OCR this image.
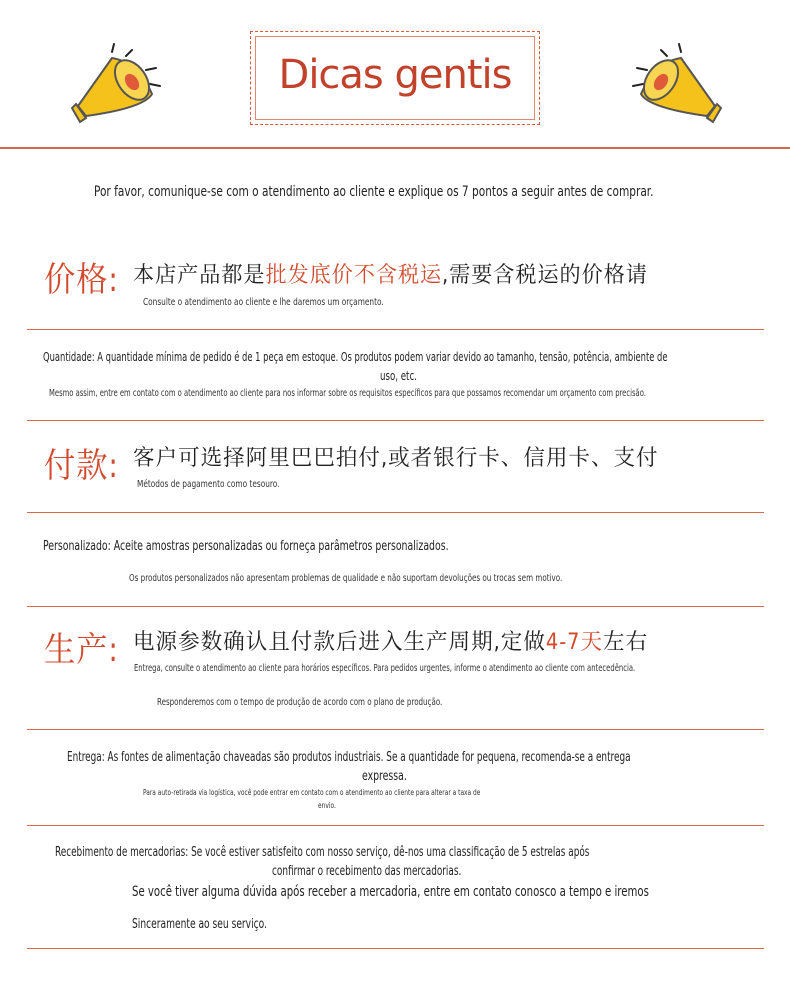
Dicas gentis
Por favor, comunique-se com o atendimento ao cliente e explique os 7 pontos a seguir antes de comprar.
价格: 本店产品都是批发底价不含税运,需要含税运的价格请
Consulte o atendimento ao cliente e lhe daremos um orçamento.
Quantidade: A quantidade mínima de pedido é de 1 peça em estoque. Os produtos podem variar devido ao tamanho, tensão, potência, ambiente de
uso, etc.
Mesmo assim, entre em contato com o atendimento ao cliente para nos informar sobre os requisitos específicos para que possamos recomendar um orçamento com precisão.
付款: 客户可选择阿里巴巴拍付,或者银行卡、信用卡、支付
Métodos de pagamento como tesouro.
Personalizado: Aceite amostras personalizadas ou forneça parâmetros personalizados.
Os produtos personalizados não apresentam problemas de qualidade e não suportam devoluções ou trocas sem motivo.
生产: 电源参数确认且付款后进入生产周期,定做4-7天左右
Entrega, consulte o atendimento ao cliente para horários específicos. Para pedidos urgentes, informe o atendimento ao cliente com antecedência.
Responderemos com o tempo de produção de acordo com o plano de produção.
Entrega: As fontes de alimentação chaveadas são produtos industriais. Se a quantidade for pequena, recomenda-se a entrega
expressa.
Para auto-retirada via logística, você pode entrar em contato com o atendimento ao cliente para alterar a taxa de
envio.
Recebimento de mercadorias: Se você estiver satisfeito com nosso serviço, dê-nos uma classificação de 5 estrelas após
confirmar o recebimento das mercadorias.
Se você tiver alguma dúvida após receber a mercadoria, entre em contato conosco a tempo e iremos
Sinceramente ao seu serviço.
